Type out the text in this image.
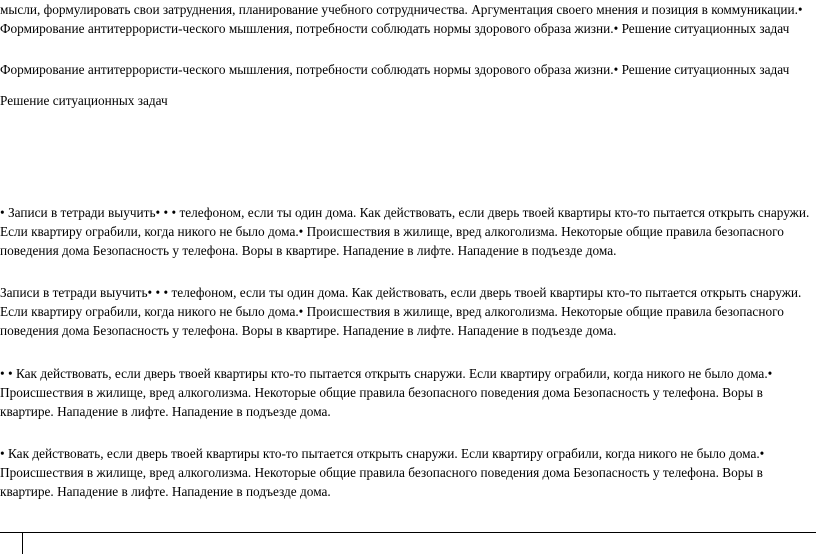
мысли, формулировать свои затруднения, планирование учебного сотрудничества. Аргументация своего мнения и позиция в коммуникации.• Формирование антитеррористи-ческого мышления, потребности соблюдать нормы здорового образа жизни.• Решение ситуационных задач

Формирование антитеррористи-ческого мышления, потребности соблюдать нормы здорового образа жизни.• Решение ситуационных задач

Решение ситуационных задач

• Записи в тетради выучить• • • телефоном, если ты один дома. Как действовать, если дверь твоей квартиры кто-то пытается открыть снаружи. Если квартиру ограбили, когда никого не было дома.• Происшествия в жилище, вред алкоголизма. Некоторые общие правила безопасного поведения дома Безопасность у телефона. Воры в квартире. Нападение в лифте. Нападение в подъезде дома.

Записи в тетради выучить• • • телефоном, если ты один дома. Как действовать, если дверь твоей квартиры кто-то пытается открыть снаружи. Если квартиру ограбили, когда никого не было дома.• Происшествия в жилище, вред алкоголизма. Некоторые общие правила безопасного поведения дома Безопасность у телефона. Воры в квартире. Нападение в лифте. Нападение в подъезде дома.

• • Как действовать, если дверь твоей квартиры кто-то пытается открыть снаружи. Если квартиру ограбили, когда никого не было дома.• Происшествия в жилище, вред алкоголизма. Некоторые общие правила безопасного поведения дома Безопасность у телефона. Воры в квартире. Нападение в лифте. Нападение в подъезде дома.

• Как действовать, если дверь твоей квартиры кто-то пытается открыть снаружи. Если квартиру ограбили, когда никого не было дома.• Происшествия в жилище, вред алкоголизма. Некоторые общие правила безопасного поведения дома Безопасность у телефона. Воры в квартире. Нападение в лифте. Нападение в подъезде дома.
